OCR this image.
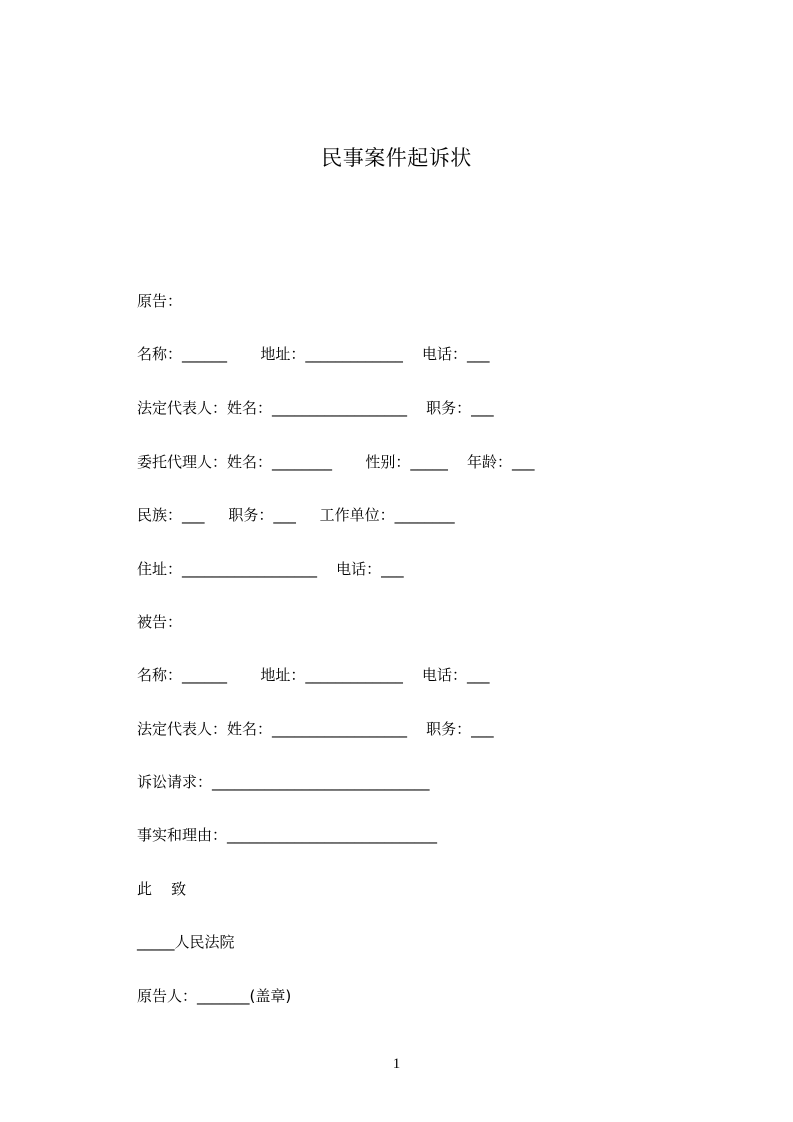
民事案件起诉状
原告：
名称：______       地址：_____________    电话：___
法定代表人：姓名：__________________    职务：___
委托代理人：姓名：________       性别：_____    年龄：___
民族：___     职务：___     工作单位：________
住址：__________________    电话：___
被告：
名称：______       地址：_____________    电话：___
法定代表人：姓名：__________________    职务：___
诉讼请求：_____________________________
事实和理由：____________________________
此    致
_____人民法院
原告人：_______(盖章)
1
